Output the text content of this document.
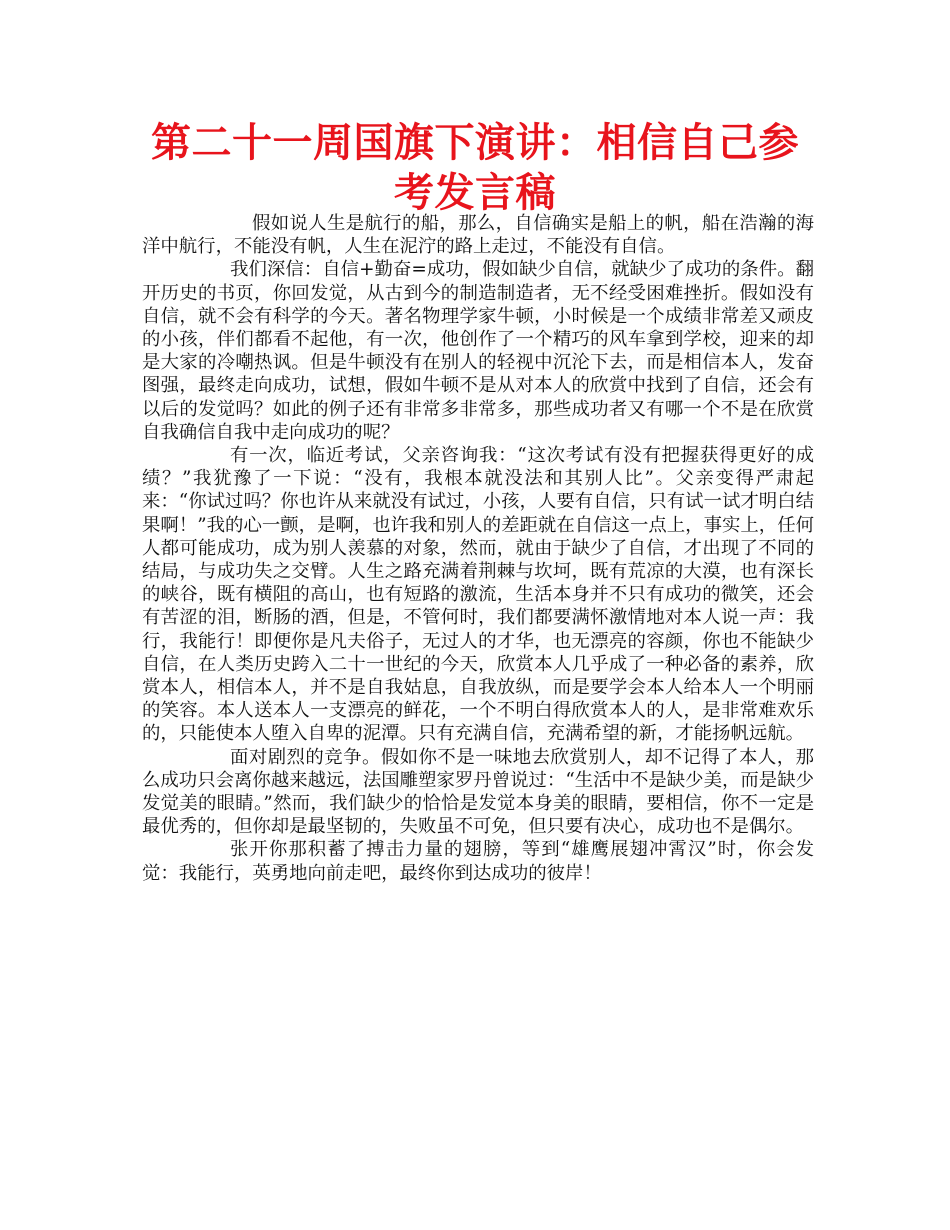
第二十一周国旗下演讲：相信自己参考发言稿

假如说人生是航行的船，那么，自信确实是船上的帆，船在浩瀚的海洋中航行，不能没有帆，人生在泥泞的路上走过，不能没有自信。

我们深信：自信+勤奋=成功，假如缺少自信，就缺少了成功的条件。翻开历史的书页，你回发觉，从古到今的制造制造者，无不经受困难挫折。假如没有自信，就不会有科学的今天。著名物理学家牛顿，小时候是一个成绩非常差又顽皮的小孩，伴们都看不起他，有一次，他创作了一个精巧的风车拿到学校，迎来的却是大家的冷嘲热讽。但是牛顿没有在别人的轻视中沉沦下去，而是相信本人，发奋图强，最终走向成功，试想，假如牛顿不是从对本人的欣赏中找到了自信，还会有以后的发觉吗？如此的例子还有非常多非常多，那些成功者又有哪一个不是在欣赏自我确信自我中走向成功的呢？

有一次，临近考试，父亲咨询我：“这次考试有没有把握获得更好的成绩？”我犹豫了一下说：“没有，我根本就没法和其别人比”。父亲变得严肃起来：“你试过吗？你也许从来就没有试过，小孩，人要有自信，只有试一试才明白结果啊！”我的心一颤，是啊，也许我和别人的差距就在自信这一点上，事实上，任何人都可能成功，成为别人羡慕的对象，然而，就由于缺少了自信，才出现了不同的结局，与成功失之交臂。人生之路充满着荆棘与坎坷，既有荒凉的大漠，也有深长的峡谷，既有横阻的高山，也有短路的激流，生活本身并不只有成功的微笑，还会有苦涩的泪，断肠的酒，但是，不管何时，我们都要满怀激情地对本人说一声：我行，我能行！即便你是凡夫俗子，无过人的才华，也无漂亮的容颜，你也不能缺少自信，在人类历史跨入二十一世纪的今天，欣赏本人几乎成了一种必备的素养，欣赏本人，相信本人，并不是自我姑息，自我放纵，而是要学会本人给本人一个明丽的笑容。本人送本人一支漂亮的鲜花，一个不明白得欣赏本人的人，是非常难欢乐的，只能使本人堕入自卑的泥潭。只有充满自信，充满希望的新，才能扬帆远航。

面对剧烈的竞争。假如你不是一味地去欣赏别人，却不记得了本人，那么成功只会离你越来越远，法国雕塑家罗丹曾说过：“生活中不是缺少美，而是缺少发觉美的眼睛。”然而，我们缺少的恰恰是发觉本身美的眼睛，要相信，你不一定是最优秀的，但你却是最坚韧的，失败虽不可免，但只要有决心，成功也不是偶尔。

张开你那积蓄了搏击力量的翅膀，等到“雄鹰展翅冲霄汉”时，你会发觉：我能行，英勇地向前走吧，最终你到达成功的彼岸！
